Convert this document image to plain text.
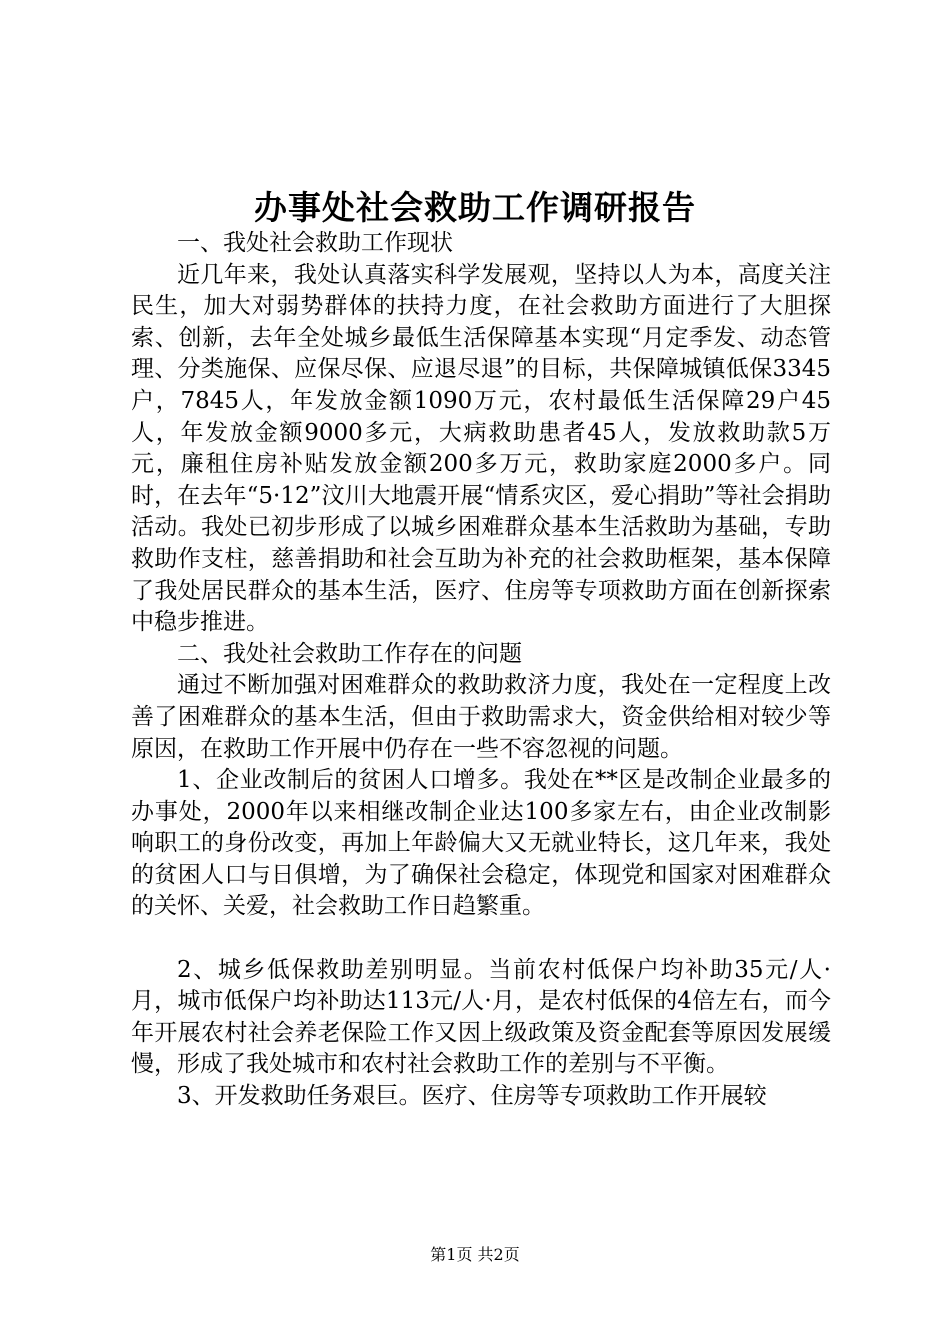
办事处社会救助工作调研报告

一、我处社会救助工作现状

近几年来，我处认真落实科学发展观，坚持以人为本，高度关注民生，加大对弱势群体的扶持力度，在社会救助方面进行了大胆探索、创新，去年全处城乡最低生活保障基本实现“月定季发、动态管理、分类施保、应保尽保、应退尽退”的目标，共保障城镇低保3345户，7845人，年发放金额1090万元，农村最低生活保障29户45人，年发放金额9000多元，大病救助患者45人，发放救助款5万元，廉租住房补贴发放金额200多万元，救助家庭2000多户。同时，在去年“5·12”汶川大地震开展“情系灾区，爱心捐助”等社会捐助活动。我处已初步形成了以城乡困难群众基本生活救助为基础，专助救助作支柱，慈善捐助和社会互助为补充的社会救助框架，基本保障了我处居民群众的基本生活，医疗、住房等专项救助方面在创新探索中稳步推进。

二、我处社会救助工作存在的问题

通过不断加强对困难群众的救助救济力度，我处在一定程度上改善了困难群众的基本生活，但由于救助需求大，资金供给相对较少等原因，在救助工作开展中仍存在一些不容忽视的问题。

1、企业改制后的贫困人口增多。我处在**区是改制企业最多的办事处，2000年以来相继改制企业达100多家左右，由企业改制影响职工的身份改变，再加上年龄偏大又无就业特长，这几年来，我处的贫困人口与日俱增，为了确保社会稳定，体现党和国家对困难群众的关怀、关爱，社会救助工作日趋繁重。

2、城乡低保救助差别明显。当前农村低保户均补助35元/人·月，城市低保户均补助达113元/人·月，是农村低保的4倍左右，而今年开展农村社会养老保险工作又因上级政策及资金配套等原因发展缓慢，形成了我处城市和农村社会救助工作的差别与不平衡。

3、开发救助任务艰巨。医疗、住房等专项救助工作开展较

第1页 共2页
